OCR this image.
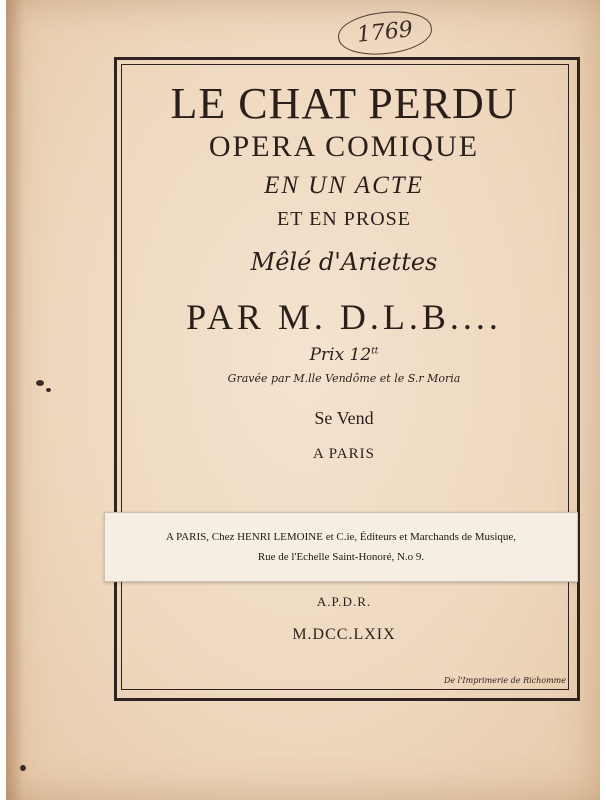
1769
LE CHAT PERDU
OPERA COMIQUE
EN UN ACTE
ET EN PROSE
Mêlé d'Ariettes
PAR M. D.L.B....
Prix $12^{tt}$
Gravée par M.lle Vendôme et le S.r Moria
Se Vend
A PARIS
A PARIS, Chez HENRI LEMOINE et C.ie, Éditeurs et Marchands de Musique,
Rue de l'Echelle Saint-Honoré, N.o 9.
A.P.D.R.
M.DCC.LXIX
De l'Imprimerie de Richomme
